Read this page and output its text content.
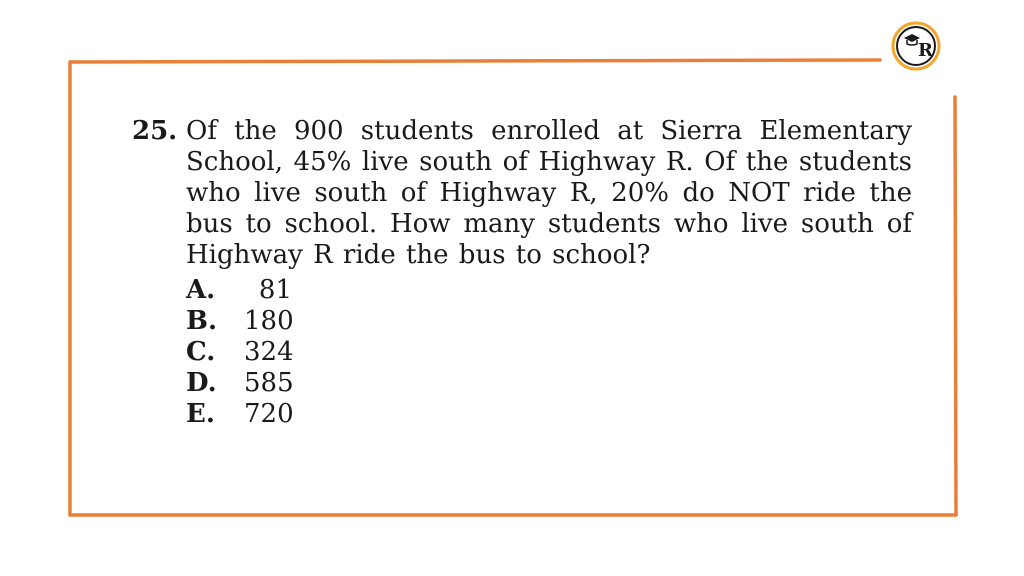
R
25. Of the 900 students enrolled at Sierra Elementary School, 45% live south of Highway R. Of the students who live south of Highway R, 20% do NOT ride the bus to school. How many students who live south of Highway R ride the bus to school?
A.	81
B.	180
C.	324
D.	585
E.	720
